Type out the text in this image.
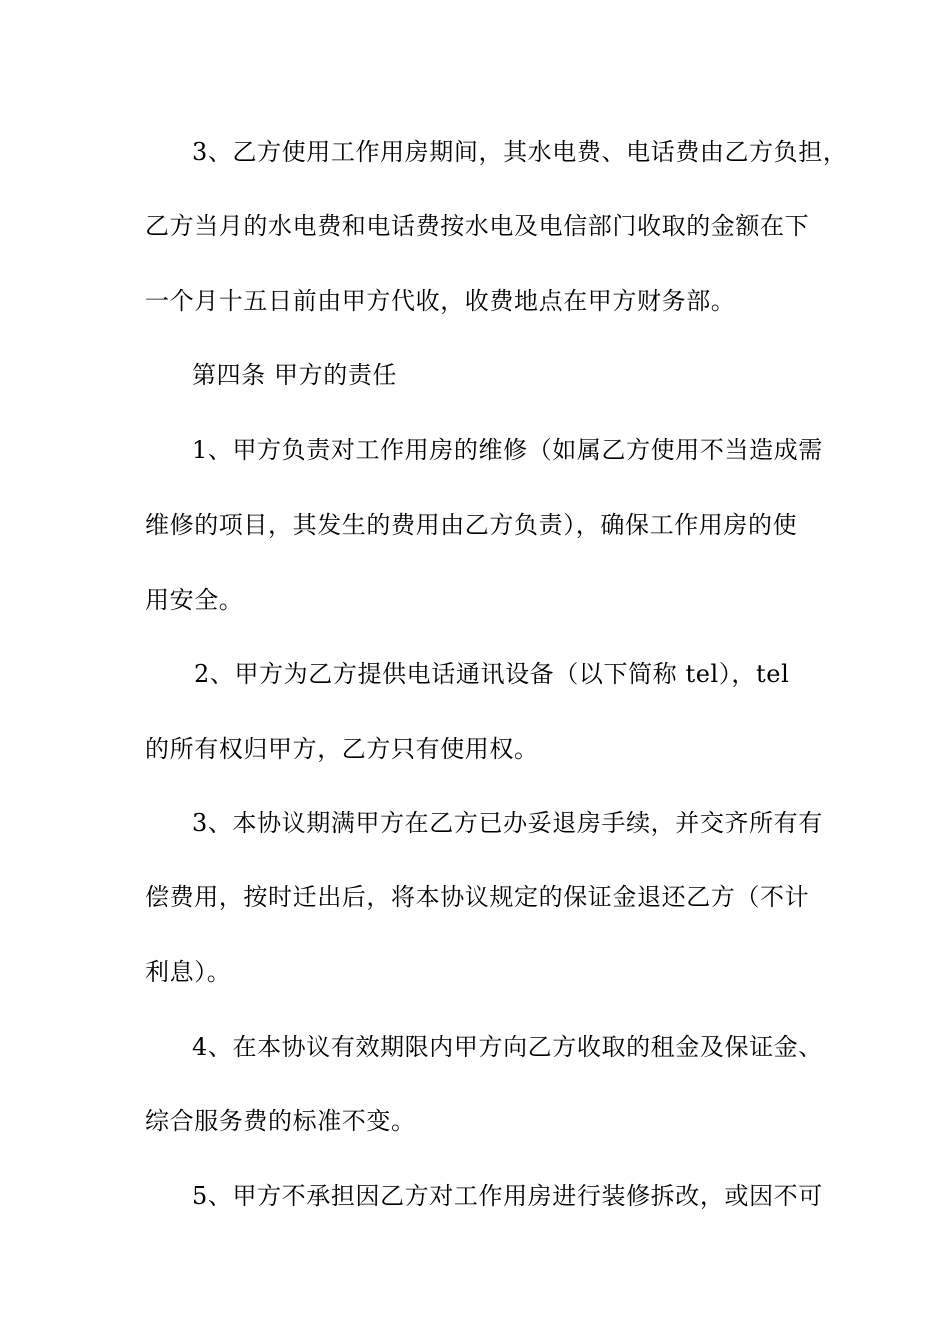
3、乙方使用工作用房期间，其水电费、电话费由乙方负担，
乙方当月的水电费和电话费按水电及电信部门收取的金额在下
一个月十五日前由甲方代收，收费地点在甲方财务部。
第四条 甲方的责任
1、甲方负责对工作用房的维修（如属乙方使用不当造成需
维修的项目，其发生的费用由乙方负责），确保工作用房的使
用安全。
2、甲方为乙方提供电话通讯设备（以下简称 tel），tel
的所有权归甲方，乙方只有使用权。
3、本协议期满甲方在乙方已办妥退房手续，并交齐所有有
偿费用，按时迁出后，将本协议规定的保证金退还乙方（不计
利息）。
4、在本协议有效期限内甲方向乙方收取的租金及保证金、
综合服务费的标准不变。
5、甲方不承担因乙方对工作用房进行装修拆改，或因不可
